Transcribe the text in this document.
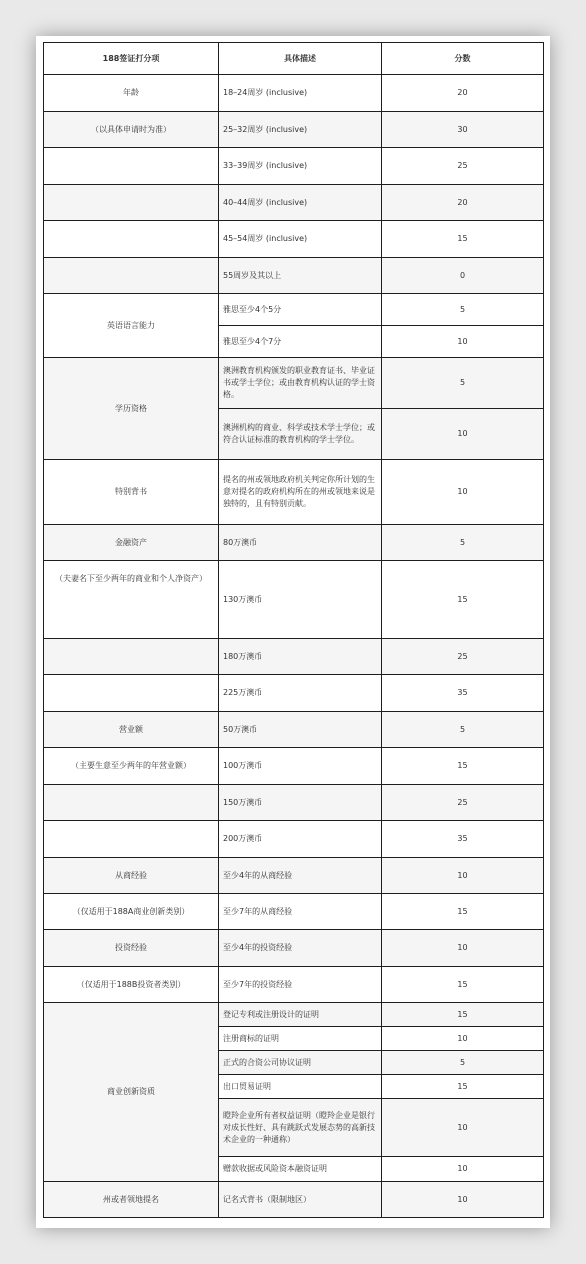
188签证打分项	具体描述	分数
年龄	18–24周岁 (inclusive)	20
（以具体申请时为准）	25–32周岁 (inclusive)	30
	33–39周岁 (inclusive)	25
	40–44周岁 (inclusive)	20
	45–54周岁 (inclusive)	15
	55周岁及其以上	0
英语语言能力	雅思至少4个5分	5
	雅思至少4个7分	10
学历资格	澳洲教育机构颁发的职业教育证书、毕业证书或学士学位；或由教育机构认证的学士资格。	5
	澳洲机构的商业、科学或技术学士学位；或符合认证标准的教育机构的学士学位。	10
特别背书	提名的州或领地政府机关判定你所计划的生意对提名的政府机构所在的州或领地来说是独特的，且有特别贡献。	10
金融资产	80万澳币	5
（夫妻名下至少两年的商业和个人净资产）	130万澳币	15
	180万澳币	25
	225万澳币	35
营业额	50万澳币	5
（主要生意至少两年的年营业额）	100万澳币	15
	150万澳币	25
	200万澳币	35
从商经验	至少4年的从商经验	10
（仅适用于188A商业创新类别）	至少7年的从商经验	15
投资经验	至少4年的投资经验	10
（仅适用于188B投资者类别）	至少7年的投资经验	15
商业创新资质	登记专利或注册设计的证明	15
	注册商标的证明	10
	正式的合资公司协议证明	5
	出口贸易证明	15
	瞪羚企业所有者权益证明（瞪羚企业是银行对成长性好、具有跳跃式发展态势的高新技术企业的一种通称）	10
	赠款收据或风险资本融资证明	10
州或者领地提名	记名式背书（限制地区）	10
